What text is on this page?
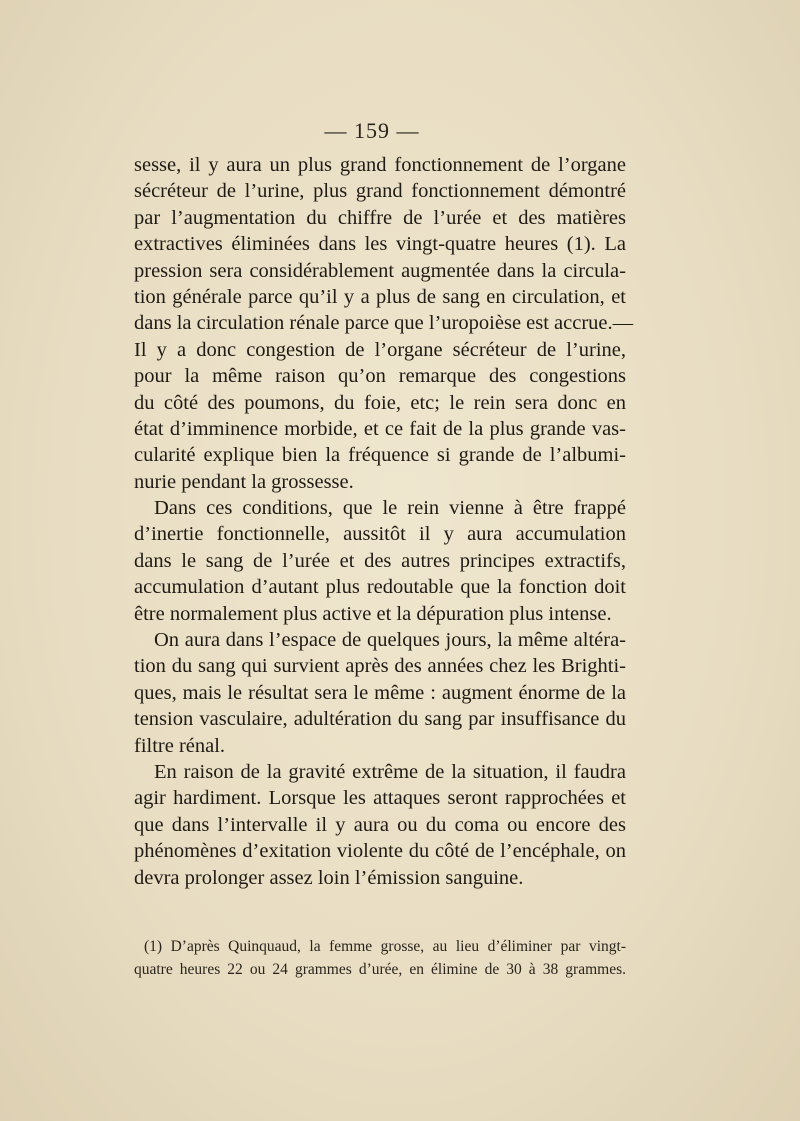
— 159 —
sesse, il y aura un plus grand fonctionnement de l’organe
sécréteur de l’urine, plus grand fonctionnement démontré
par l’augmentation du chiffre de l’urée et des matières
extractives éliminées dans les vingt-quatre heures (1). La
pression sera considérablement augmentée dans la circula-
tion générale parce qu’il y a plus de sang en circulation, et
dans la circulation rénale parce que l’uropoièse est accrue.—
Il y a donc congestion de l’organe sécréteur de l’urine,
pour la même raison qu’on remarque des congestions
du côté des poumons, du foie, etc; le rein sera donc en
état d’imminence morbide, et ce fait de la plus grande vas-
cularité explique bien la fréquence si grande de l’albumi-
nurie pendant la grossesse.
Dans ces conditions, que le rein vienne à être frappé
d’inertie fonctionnelle, aussitôt il y aura accumulation
dans le sang de l’urée et des autres principes extractifs,
accumulation d’autant plus redoutable que la fonction doit
être normalement plus active et la dépuration plus intense.
On aura dans l’espace de quelques jours, la même altéra-
tion du sang qui survient après des années chez les Brighti-
ques, mais le résultat sera le même : augment énorme de la
tension vasculaire, adultération du sang par insuffisance du
filtre rénal.
En raison de la gravité extrême de la situation, il faudra
agir hardiment. Lorsque les attaques seront rapprochées et
que dans l’intervalle il y aura ou du coma ou encore des
phénomènes d’exitation violente du côté de l’encéphale, on
devra prolonger assez loin l’émission sanguine.
(1) D’après Quinquaud, la femme grosse, au lieu d’éliminer par vingt-
quatre heures 22 ou 24 grammes d’urée, en élimine de 30 à 38 grammes.
